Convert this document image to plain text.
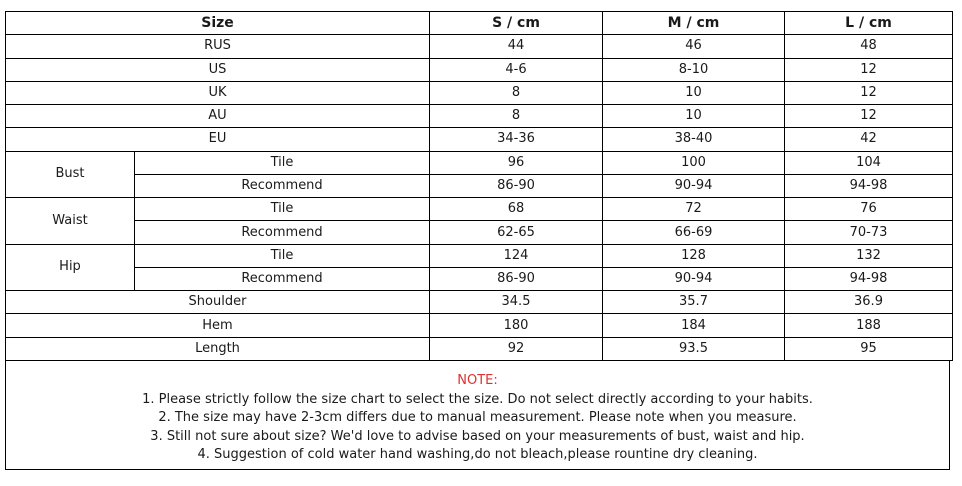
Size		S / cm	M / cm	L / cm
RUS		44	46	48
US		4-6	8-10	12
UK		8	10	12
AU		8	10	12
EU		34-36	38-40	42
Bust	Tile	96	100	104
	Recommend	86-90	90-94	94-98
Waist	Tile	68	72	76
	Recommend	62-65	66-69	70-73
Hip	Tile	124	128	132
	Recommend	86-90	90-94	94-98
Shoulder		34.5	35.7	36.9
Hem		180	184	188
Length		92	93.5	95
NOTE:
1. Please strictly follow the size chart to select the size. Do not select directly according to your habits.
2. The size may have 2-3cm differs due to manual measurement. Please note when you measure.
3. Still not sure about size? We'd love to advise based on your measurements of bust, waist and hip.
4. Suggestion of cold water hand washing,do not bleach,please rountine dry cleaning.
